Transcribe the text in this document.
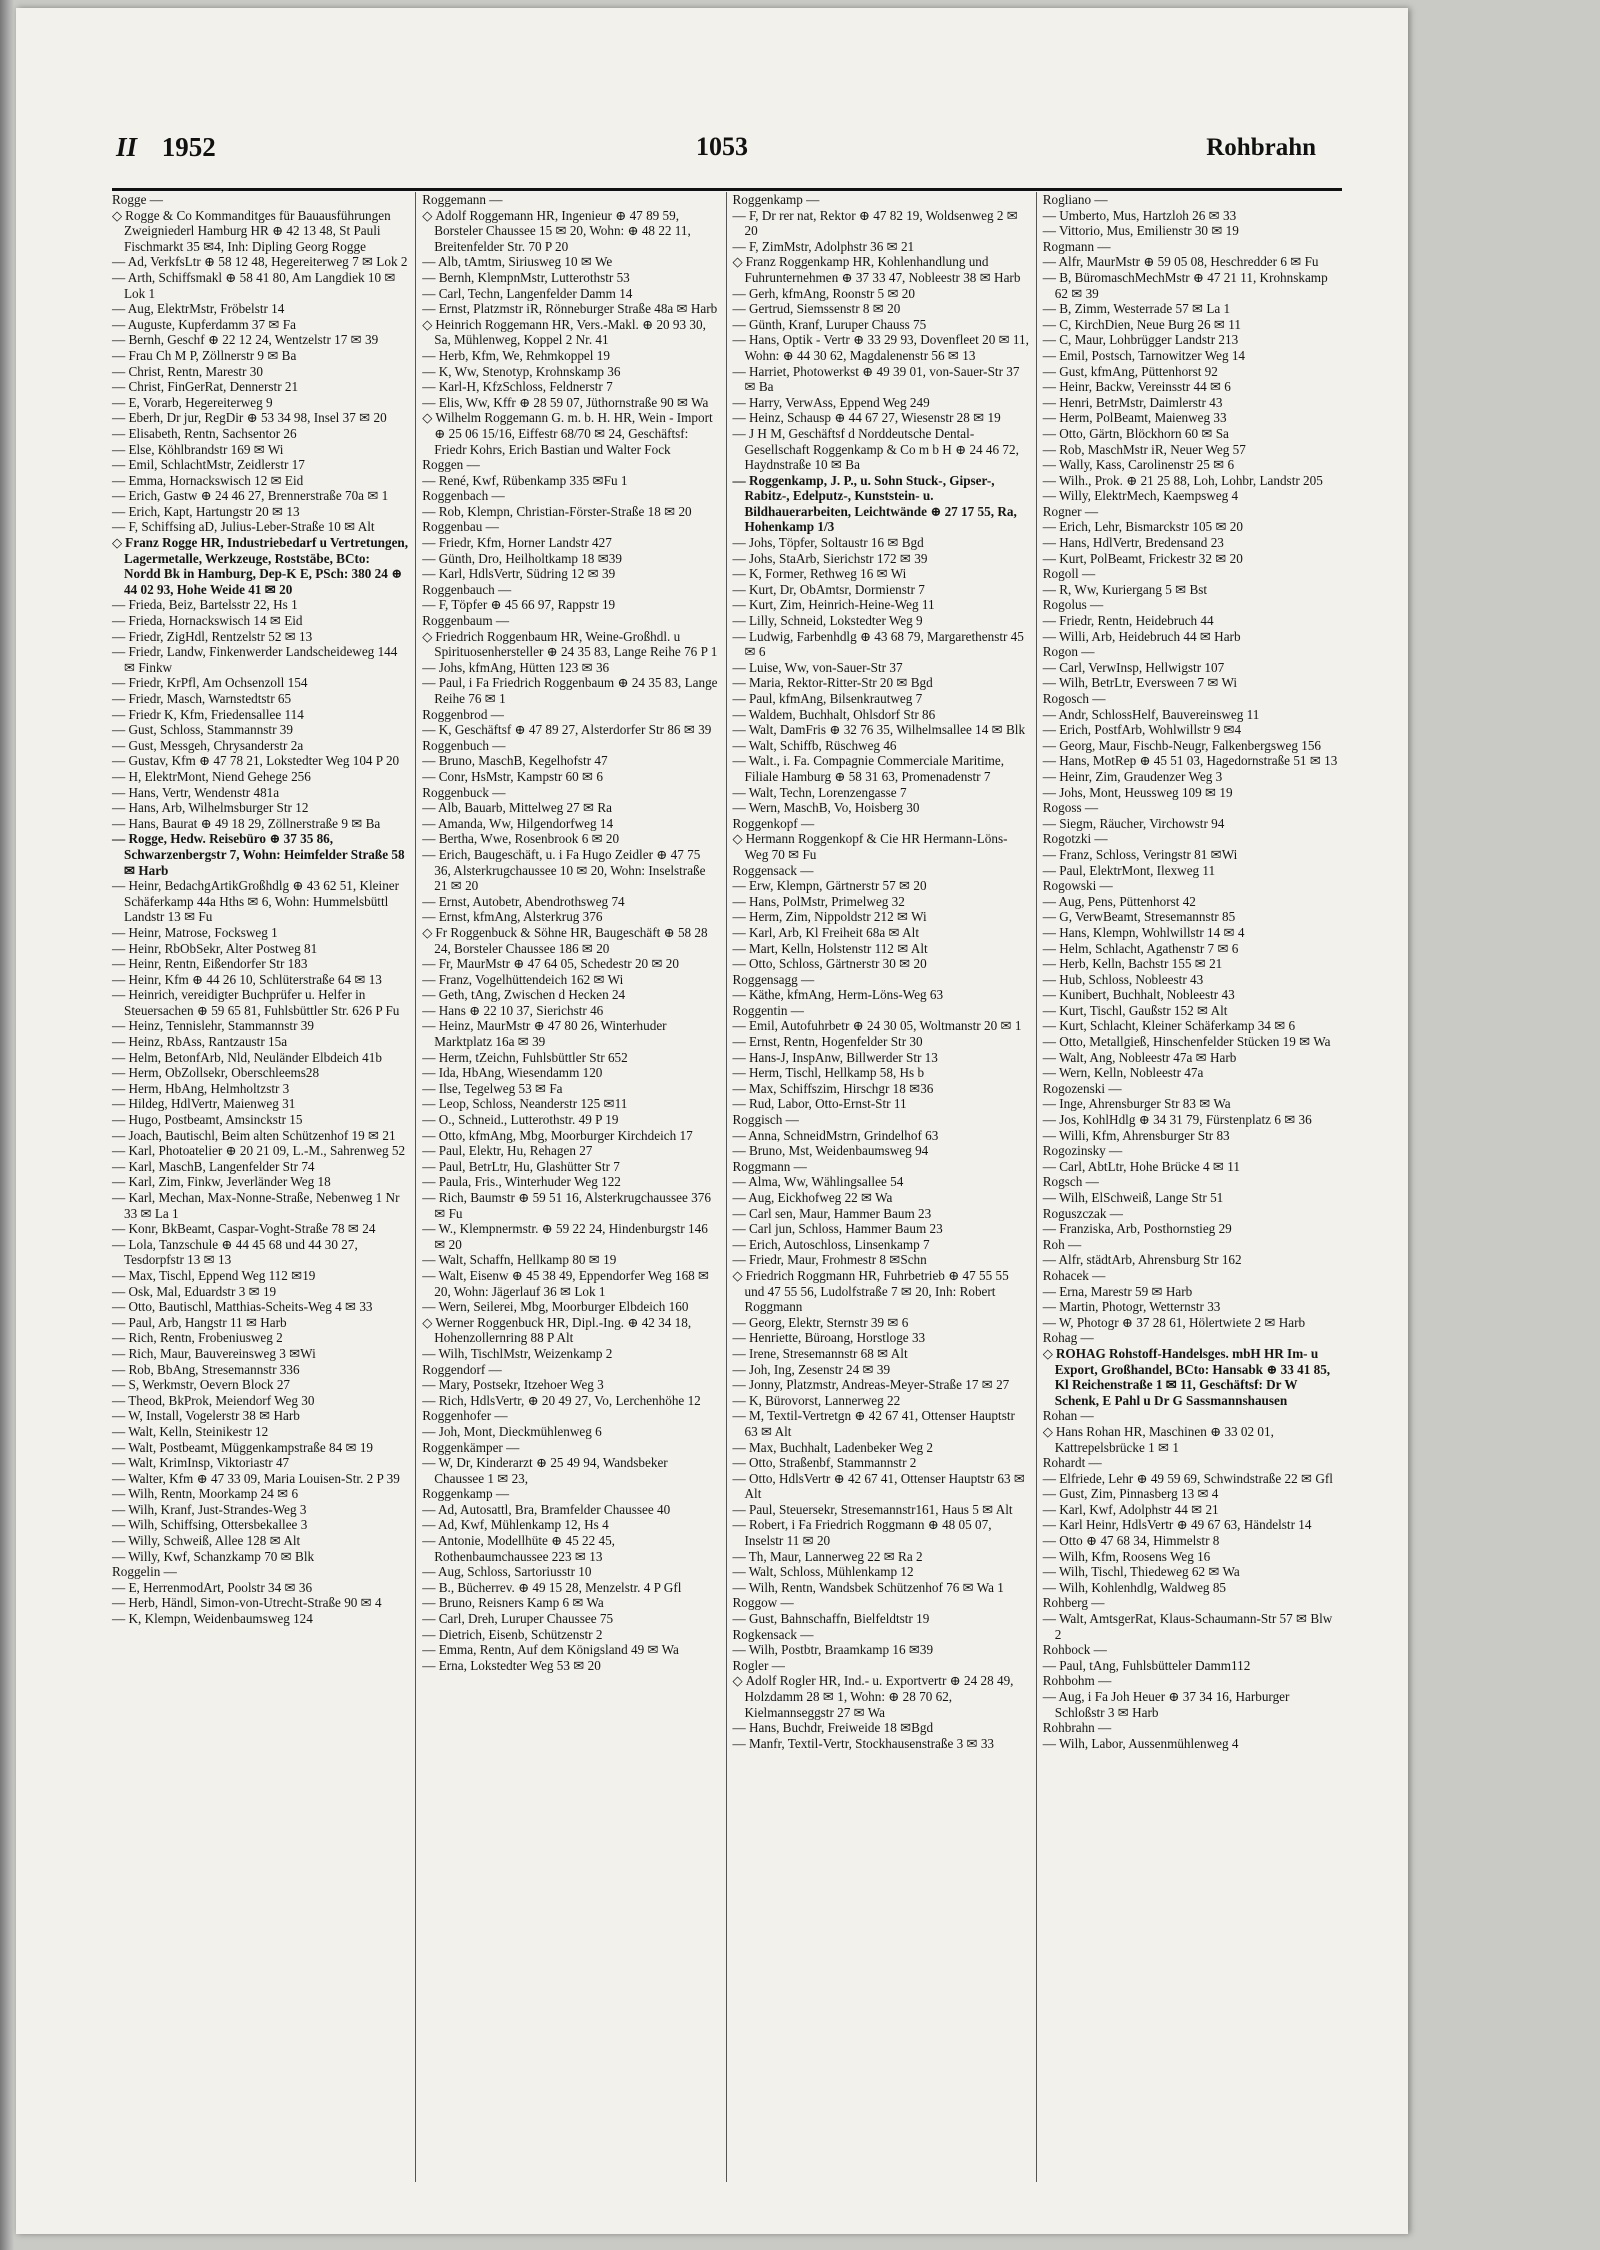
II 1952	1053	Rohbrahn

Rogge —

◇ Rogge & Co Kommanditges für Bauausführungen Zweigniederl Hamburg HR ⊕ 42 13 48, St Pauli Fischmarkt 35 ✉4, Inh: Dipling Georg Rogge

— Ad, VerkfsLtr ⊕ 58 12 48, Hegereiterweg 7 ✉ Lok 2

— Arth, Schiffsmakl ⊕ 58 41 80, Am Langdiek 10 ✉ Lok 1

— Aug, ElektrMstr, Fröbelstr 14

— Auguste, Kupferdamm 37 ✉ Fa

— Bernh, Geschf ⊕ 22 12 24, Wentzelstr 17 ✉ 39

— Frau Ch M P, Zöllnerstr 9 ✉ Ba

— Christ, Rentn, Marestr 30

— Christ, FinGerRat, Dennerstr 21

— E, Vorarb, Hegereiterweg 9

— Eberh, Dr jur, RegDir ⊕ 53 34 98, Insel 37 ✉ 20

— Elisabeth, Rentn, Sachsentor 26

— Else, Köhlbrandstr 169 ✉ Wi

— Emil, SchlachtMstr, Zeidlerstr 17

— Emma, Hornackswisch 12 ✉ Eid

— Erich, Gastw ⊕ 24 46 27, Brennerstraße 70a ✉ 1

— Erich, Kapt, Hartungstr 20 ✉ 13

— F, Schiffsing aD, Julius-Leber-Straße 10 ✉ Alt

◇ Franz Rogge HR, Industriebedarf u Vertretungen, Lagermetalle, Werkzeuge, Roststäbe, BCto: Nordd Bk in Hamburg, Dep-K E, PSch: 380 24 ⊕ 44 02 93, Hohe Weide 41 ✉ 20

— Frieda, Beiz, Bartelsstr 22, Hs 1

— Frieda, Hornackswisch 14 ✉ Eid

— Friedr, ZigHdl, Rentzelstr 52 ✉ 13

— Friedr, Landw, Finkenwerder Landscheideweg 144 ✉ Finkw

— Friedr, KrPfl, Am Ochsenzoll 154

— Friedr, Masch, Warnstedtstr 65

— Friedr K, Kfm, Friedensallee 114

— Gust, Schloss, Stammannstr 39

— Gust, Messgeh, Chrysanderstr 2a

— Gustav, Kfm ⊕ 47 78 21, Lokstedter Weg 104 P 20

— H, ElektrMont, Niend Gehege 256

— Hans, Vertr, Wendenstr 481a

— Hans, Arb, Wilhelmsburger Str 12

— Hans, Baurat ⊕ 49 18 29, Zöllnerstraße 9 ✉ Ba

— Rogge, Hedw. Reisebüro ⊕ 37 35 86, Schwarzenbergstr 7, Wohn: Heimfelder Straße 58 ✉ Harb

— Heinr, BedachgArtikGroßhdlg ⊕ 43 62 51, Kleiner Schäferkamp 44a Hths ✉ 6, Wohn: Hummelsbüttl Landstr 13 ✉ Fu

— Heinr, Matrose, Focksweg 1

— Heinr, RbObSekr, Alter Postweg 81

— Heinr, Rentn, Eißendorfer Str 183

— Heinr, Kfm ⊕ 44 26 10, Schlüterstraße 64 ✉ 13

— Heinrich, vereidigter Buchprüfer u. Helfer in Steuersachen ⊕ 59 65 81, Fuhlsbüttler Str. 626 P Fu

— Heinz, Tennislehr, Stammannstr 39

— Heinz, RbAss, Rantzaustr 15a

— Helm, BetonfArb, Nld, Neuländer Elbdeich 41b

— Herm, ObZollsekr, Oberschleems28

— Herm, HbAng, Helmholtzstr 3

— Hildeg, HdlVertr, Maienweg 31

— Hugo, Postbeamt, Amsinckstr 15

— Joach, Bautischl, Beim alten Schützenhof 19 ✉ 21

— Karl, Photoatelier ⊕ 20 21 09, L.-M., Sahrenweg 52

— Karl, MaschB, Langenfelder Str 74

— Karl, Zim, Finkw, Jeverländer Weg 18

— Karl, Mechan, Max-Nonne-Straße, Nebenweg 1 Nr 33 ✉ La 1

— Konr, BkBeamt, Caspar-Voght-Straße 78 ✉ 24

— Lola, Tanzschule ⊕ 44 45 68 und 44 30 27, Tesdorpfstr 13 ✉ 13

— Max, Tischl, Eppend Weg 112 ✉19

— Osk, Mal, Eduardstr 3 ✉ 19

— Otto, Bautischl, Matthias-Scheits-Weg 4 ✉ 33

— Paul, Arb, Hangstr 11 ✉ Harb

— Rich, Rentn, Frobeniusweg 2

— Rich, Maur, Bauvereinsweg 3 ✉Wi

— Rob, BbAng, Stresemannstr 336

— S, Werkmstr, Oevern Block 27

— Theod, BkProk, Meiendorf Weg 30

— W, Install, Vogelerstr 38 ✉ Harb

— Walt, Kelln, Steinikestr 12

— Walt, Postbeamt, Müggenkampstraße 84 ✉ 19

— Walt, KrimInsp, Viktoriastr 47

— Walter, Kfm ⊕ 47 33 09, Maria Louisen-Str. 2 P 39

— Wilh, Rentn, Moorkamp 24 ✉ 6

— Wilh, Kranf, Just-Strandes-Weg 3

— Wilh, Schiffsing, Ottersbekallee 3

— Willy, Schweiß, Allee 128 ✉ Alt

— Willy, Kwf, Schanzkamp 70 ✉ Blk

Roggelin —

— E, HerrenmodArt, Poolstr 34 ✉ 36

— Herb, Händl, Simon-von-Utrecht-Straße 90 ✉ 4

— K, Klempn, Weidenbaumsweg 124

Roggemann —

◇ Adolf Roggemann HR, Ingenieur ⊕ 47 89 59, Borsteler Chaussee 15 ✉ 20, Wohn: ⊕ 48 22 11, Breitenfelder Str. 70 P 20

— Alb, tAmtm, Siriusweg 10 ✉ We

— Bernh, KlempnMstr, Lutterothstr 53

— Carl, Techn, Langenfelder Damm 14

— Ernst, Platzmstr iR, Rönneburger Straße 48a ✉ Harb

◇ Heinrich Roggemann HR, Vers.-Makl. ⊕ 20 93 30, Sa, Mühlenweg, Koppel 2 Nr. 41

— Herb, Kfm, We, Rehmkoppel 19

— K, Ww, Stenotyp, Krohnskamp 36

— Karl-H, KfzSchloss, Feldnerstr 7

— Elis, Ww, Kffr ⊕ 28 59 07, Jüthornstraße 90 ✉ Wa

◇ Wilhelm Roggemann G. m. b. H. HR, Wein - Import ⊕ 25 06 15/16, Eiffestr 68/70 ✉ 24, Geschäftsf: Friedr Kohrs, Erich Bastian und Walter Fock

Roggen —

— René, Kwf, Rübenkamp 335 ✉Fu 1

Roggenbach —

— Rob, Klempn, Christian-Förster-Straße 18 ✉ 20

Roggenbau —

— Friedr, Kfm, Horner Landstr 427

— Günth, Dro, Heilholtkamp 18 ✉39

— Karl, HdlsVertr, Südring 12 ✉ 39

Roggenbauch —

— F, Töpfer ⊕ 45 66 97, Rappstr 19

Roggenbaum —

◇ Friedrich Roggenbaum HR, Weine-Großhdl. u Spirituosenhersteller ⊕ 24 35 83, Lange Reihe 76 P 1

— Johs, kfmAng, Hütten 123 ✉ 36

— Paul, i Fa Friedrich Roggenbaum ⊕ 24 35 83, Lange Reihe 76 ✉ 1

Roggenbrod —

— K, Geschäftsf ⊕ 47 89 27, Alsterdorfer Str 86 ✉ 39

Roggenbuch —

— Bruno, MaschB, Kegelhofstr 47

— Conr, HsMstr, Kampstr 60 ✉ 6

Roggenbuck —

— Alb, Bauarb, Mittelweg 27 ✉ Ra

— Amanda, Ww, Hilgendorfweg 14

— Bertha, Wwe, Rosenbrook 6 ✉ 20

— Erich, Baugeschäft, u. i Fa Hugo Zeidler ⊕ 47 75 36, Alsterkrugchaussee 10 ✉ 20, Wohn: Inselstraße 21 ✉ 20

— Ernst, Autobetr, Abendrothsweg 74

— Ernst, kfmAng, Alsterkrug 376

◇ Fr Roggenbuck & Söhne HR, Baugeschäft ⊕ 58 28 24, Borsteler Chaussee 186 ✉ 20

— Fr, MaurMstr ⊕ 47 64 05, Schedestr 20 ✉ 20

— Franz, Vogelhüttendeich 162 ✉ Wi

— Geth, tAng, Zwischen d Hecken 24

— Hans ⊕ 22 10 37, Sierichstr 46

— Heinz, MaurMstr ⊕ 47 80 26, Winterhuder Marktplatz 16a ✉ 39

— Herm, tZeichn, Fuhlsbüttler Str 652

— Ida, HbAng, Wiesendamm 120

— Ilse, Tegelweg 53 ✉ Fa

— Leop, Schloss, Neanderstr 125 ✉11

— O., Schneid., Lutterothstr. 49 P 19

— Otto, kfmAng, Mbg, Moorburger Kirchdeich 17

— Paul, Elektr, Hu, Rehagen 27

— Paul, BetrLtr, Hu, Glashütter Str 7

— Paula, Fris., Winterhuder Weg 122

— Rich, Baumstr ⊕ 59 51 16, Alsterkrugchaussee 376 ✉ Fu

— W., Klempnermstr. ⊕ 59 22 24, Hindenburgstr 146 ✉ 20

— Walt, Schaffn, Hellkamp 80 ✉ 19

— Walt, Eisenw ⊕ 45 38 49, Eppendorfer Weg 168 ✉ 20, Wohn: Jägerlauf 36 ✉ Lok 1

— Wern, Seilerei, Mbg, Moorburger Elbdeich 160

◇ Werner Roggenbuck HR, Dipl.-Ing. ⊕ 42 34 18, Hohenzollernring 88 P Alt

— Wilh, TischlMstr, Weizenkamp 2

Roggendorf —

— Mary, Postsekr, Itzehoer Weg 3

— Rich, HdlsVertr, ⊕ 20 49 27, Vo, Lerchenhöhe 12

Roggenhofer —

— Joh, Mont, Dieckmühlenweg 6

Roggenkämper —

— W, Dr, Kinderarzt ⊕ 25 49 94, Wandsbeker Chaussee 1 ✉ 23,

Roggenkamp —

— Ad, Autosattl, Bra, Bramfelder Chaussee 40

— Ad, Kwf, Mühlenkamp 12, Hs 4

— Antonie, Modellhüte ⊕ 45 22 45, Rothenbaumchaussee 223 ✉ 13

— Aug, Schloss, Sartoriusstr 10

— B., Bücherrev. ⊕ 49 15 28, Menzelstr. 4 P Gfl

— Bruno, Reisners Kamp 6 ✉ Wa

— Carl, Dreh, Luruper Chaussee 75

— Dietrich, Eisenb, Schützenstr 2

— Emma, Rentn, Auf dem Königsland 49 ✉ Wa

— Erna, Lokstedter Weg 53 ✉ 20

Roggenkamp —

— F, Dr rer nat, Rektor ⊕ 47 82 19, Woldsenweg 2 ✉ 20

— F, ZimMstr, Adolphstr 36 ✉ 21

◇ Franz Roggenkamp HR, Kohlenhandlung und Fuhrunternehmen ⊕ 37 33 47, Nobleestr 38 ✉ Harb

— Gerh, kfmAng, Roonstr 5 ✉ 20

— Gertrud, Siemssenstr 8 ✉ 20

— Günth, Kranf, Luruper Chauss 75

— Hans, Optik - Vertr ⊕ 33 29 93, Dovenfleet 20 ✉ 11, Wohn: ⊕ 44 30 62, Magdalenenstr 56 ✉ 13

— Harriet, Photowerkst ⊕ 49 39 01, von-Sauer-Str 37 ✉ Ba

— Harry, VerwAss, Eppend Weg 249

— Heinz, Schausp ⊕ 44 67 27, Wiesenstr 28 ✉ 19

— J H M, Geschäftsf d Norddeutsche Dental-Gesellschaft Roggenkamp & Co m b H ⊕ 24 46 72, Haydnstraße 10 ✉ Ba

— Roggenkamp, J. P., u. Sohn Stuck-, Gipser-, Rabitz-, Edelputz-, Kunststein- u. Bildhauerarbeiten, Leichtwände ⊕ 27 17 55, Ra, Hohenkamp 1/3

— Johs, Töpfer, Soltaustr 16 ✉ Bgd

— Johs, StaArb, Sierichstr 172 ✉ 39

— K, Former, Rethweg 16 ✉ Wi

— Kurt, Dr, ObAmtsr, Dormienstr 7

— Kurt, Zim, Heinrich-Heine-Weg 11

— Lilly, Schneid, Lokstedter Weg 9

— Ludwig, Farbenhdlg ⊕ 43 68 79, Margarethenstr 45 ✉ 6

— Luise, Ww, von-Sauer-Str 37

— Maria, Rektor-Ritter-Str 20 ✉ Bgd

— Paul, kfmAng, Bilsenkrautweg 7

— Waldem, Buchhalt, Ohlsdorf Str 86

— Walt, DamFris ⊕ 32 76 35, Wilhelmsallee 14 ✉ Blk

— Walt, Schiffb, Rüschweg 46

— Walt., i. Fa. Compagnie Commerciale Maritime, Filiale Hamburg ⊕ 58 31 63, Promenadenstr 7

— Walt, Techn, Lorenzengasse 7

— Wern, MaschB, Vo, Hoisberg 30

Roggenkopf —

◇ Hermann Roggenkopf & Cie HR Hermann-Löns-Weg 70 ✉ Fu

Roggensack —

— Erw, Klempn, Gärtnerstr 57 ✉ 20

— Hans, PolMstr, Primelweg 32

— Herm, Zim, Nippoldstr 212 ✉ Wi

— Karl, Arb, Kl Freiheit 68a ✉ Alt

— Mart, Kelln, Holstenstr 112 ✉ Alt

— Otto, Schloss, Gärtnerstr 30 ✉ 20

Roggensagg —

— Käthe, kfmAng, Herm-Löns-Weg 63

Roggentin —

— Emil, Autofuhrbetr ⊕ 24 30 05, Woltmanstr 20 ✉ 1

— Ernst, Rentn, Hogenfelder Str 30

— Hans-J, InspAnw, Billwerder Str 13

— Herm, Tischl, Hellkamp 58, Hs b

— Max, Schiffszim, Hirschgr 18 ✉36

— Rud, Labor, Otto-Ernst-Str 11

Roggisch —

— Anna, SchneidMstrn, Grindelhof 63

— Bruno, Mst, Weidenbaumsweg 94

Roggmann —

— Alma, Ww, Wählingsallee 54

— Aug, Eickhofweg 22 ✉ Wa

— Carl sen, Maur, Hammer Baum 23

— Carl jun, Schloss, Hammer Baum 23

— Erich, Autoschloss, Linsenkamp 7

— Friedr, Maur, Frohmestr 8 ✉Schn

◇ Friedrich Roggmann HR, Fuhrbetrieb ⊕ 47 55 55 und 47 55 56, Ludolfstraße 7 ✉ 20, Inh: Robert Roggmann

— Georg, Elektr, Sternstr 39 ✉ 6

— Henriette, Büroang, Horstloge 33

— Irene, Stresemannstr 68 ✉ Alt

— Joh, Ing, Zesenstr 24 ✉ 39

— Jonny, Platzmstr, Andreas-Meyer-Straße 17 ✉ 27

— K, Bürovorst, Lannerweg 22

— M, Textil-Vertretgn ⊕ 42 67 41, Ottenser Hauptstr 63 ✉ Alt

— Max, Buchhalt, Ladenbeker Weg 2

— Otto, Straßenbf, Stammannstr 2

— Otto, HdlsVertr ⊕ 42 67 41, Ottenser Hauptstr 63 ✉ Alt

— Paul, Steuersekr, Stresemannstr161, Haus 5 ✉ Alt

— Robert, i Fa Friedrich Roggmann ⊕ 48 05 07, Inselstr 11 ✉ 20

— Th, Maur, Lannerweg 22 ✉ Ra 2

— Walt, Schloss, Mühlenkamp 12

— Wilh, Rentn, Wandsbek Schützenhof 76 ✉ Wa 1

Roggow —

— Gust, Bahnschaffn, Bielfeldtstr 19

Rogkensack —

— Wilh, Postbtr, Braamkamp 16 ✉39

Rogler —

◇ Adolf Rogler HR, Ind.- u. Exportvertr ⊕ 24 28 49, Holzdamm 28 ✉ 1, Wohn: ⊕ 28 70 62, Kielmannseggstr 27 ✉ Wa

— Hans, Buchdr, Freiweide 18 ✉Bgd

— Manfr, Textil-Vertr, Stockhausenstraße 3 ✉ 33

Rogliano —

— Umberto, Mus, Hartzloh 26 ✉ 33

— Vittorio, Mus, Emilienstr 30 ✉ 19

Rogmann —

— Alfr, MaurMstr ⊕ 59 05 08, Heschredder 6 ✉ Fu

— B, BüromaschMechMstr ⊕ 47 21 11, Krohnskamp 62 ✉ 39

— B, Zimm, Westerrade 57 ✉ La 1

— C, KirchDien, Neue Burg 26 ✉ 11

— C, Maur, Lohbrügger Landstr 213

— Emil, Postsch, Tarnowitzer Weg 14

— Gust, kfmAng, Püttenhorst 92

— Heinr, Backw, Vereinsstr 44 ✉ 6

— Henri, BetrMstr, Daimlerstr 43

— Herm, PolBeamt, Maienweg 33

— Otto, Gärtn, Blöckhorn 60 ✉ Sa

— Rob, MaschMstr iR, Neuer Weg 57

— Wally, Kass, Carolinenstr 25 ✉ 6

— Wilh., Prok. ⊕ 21 25 88, Loh, Lohbr, Landstr 205

— Willy, ElektrMech, Kaempsweg 4

Rogner —

— Erich, Lehr, Bismarckstr 105 ✉ 20

— Hans, HdlVertr, Bredensand 23

— Kurt, PolBeamt, Frickestr 32 ✉ 20

Rogoll —

— R, Ww, Kuriergang 5 ✉ Bst

Rogolus —

— Friedr, Rentn, Heidebruch 44

— Willi, Arb, Heidebruch 44 ✉ Harb

Rogon —

— Carl, VerwInsp, Hellwigstr 107

— Wilh, BetrLtr, Eversween 7 ✉ Wi

Rogosch —

— Andr, SchlossHelf, Bauvereinsweg 11

— Erich, PostfArb, Wohlwillstr 9 ✉4

— Georg, Maur, Fischb-Neugr, Falkenbergsweg 156

— Hans, MotRep ⊕ 45 51 03, Hagedornstraße 51 ✉ 13

— Heinr, Zim, Graudenzer Weg 3

— Johs, Mont, Heussweg 109 ✉ 19

Rogoss —

— Siegm, Räucher, Virchowstr 94

Rogotzki —

— Franz, Schloss, Veringstr 81 ✉Wi

— Paul, ElektrMont, Ilexweg 11

Rogowski —

— Aug, Pens, Püttenhorst 42

— G, VerwBeamt, Stresemannstr 85

— Hans, Klempn, Wohlwillstr 14 ✉ 4

— Helm, Schlacht, Agathenstr 7 ✉ 6

— Herb, Kelln, Bachstr 155 ✉ 21

— Hub, Schloss, Nobleestr 43

— Kunibert, Buchhalt, Nobleestr 43

— Kurt, Tischl, Gaußstr 152 ✉ Alt

— Kurt, Schlacht, Kleiner Schäferkamp 34 ✉ 6

— Otto, Metallgieß, Hinschenfelder Stücken 19 ✉ Wa

— Walt, Ang, Nobleestr 47a ✉ Harb

— Wern, Kelln, Nobleestr 47a

Rogozenski —

— Inge, Ahrensburger Str 83 ✉ Wa

— Jos, KohlHdlg ⊕ 34 31 79, Fürstenplatz 6 ✉ 36

— Willi, Kfm, Ahrensburger Str 83

Rogozinsky —

— Carl, AbtLtr, Hohe Brücke 4 ✉ 11

Rogsch —

— Wilh, ElSchweiß, Lange Str 51

Roguszczak —

— Franziska, Arb, Posthornstieg 29

Roh —

— Alfr, städtArb, Ahrensburg Str 162

Rohacek —

— Erna, Marestr 59 ✉ Harb

— Martin, Photogr, Wetternstr 33

— W, Photogr ⊕ 37 28 61, Hölertwiete 2 ✉ Harb

Rohag —

◇ ROHAG Rohstoff-Handelsges. mbH HR Im- u Export, Großhandel, BCto: Hansabk ⊕ 33 41 85, Kl Reichenstraße 1 ✉ 11, Geschäftsf: Dr W Schenk, E Pahl u Dr G Sassmannshausen

Rohan —

◇ Hans Rohan HR, Maschinen ⊕ 33 02 01, Kattrepelsbrücke 1 ✉ 1

Rohardt —

— Elfriede, Lehr ⊕ 49 59 69, Schwindstraße 22 ✉ Gfl

— Gust, Zim, Pinnasberg 13 ✉ 4

— Karl, Kwf, Adolphstr 44 ✉ 21

— Karl Heinr, HdlsVertr ⊕ 49 67 63, Händelstr 14

— Otto ⊕ 47 68 34, Himmelstr 8

— Wilh, Kfm, Roosens Weg 16

— Wilh, Tischl, Thiedeweg 62 ✉ Wa

— Wilh, Kohlenhdlg, Waldweg 85

Rohberg —

— Walt, AmtsgerRat, Klaus-Schaumann-Str 57 ✉ Blw 2

Rohbock —

— Paul, tAng, Fuhlsbütteler Damm112

Rohbohm —

— Aug, i Fa Joh Heuer ⊕ 37 34 16, Harburger Schloßstr 3 ✉ Harb

Rohbrahn —

— Wilh, Labor, Aussenmühlenweg 4
